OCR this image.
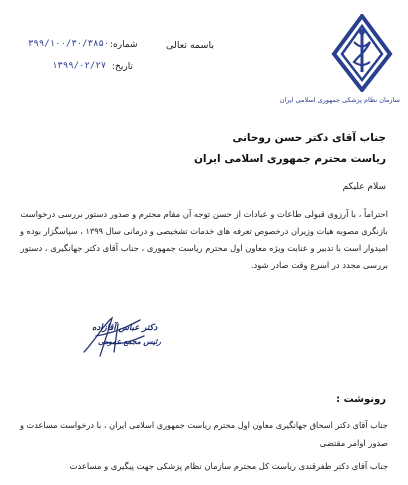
سازمان نظام پزشکی جمهوری اسلامی ایران
باسمه تعالی
شماره:
۳۹۹/۱۰۰/۳۰/۳۸۵۰
تاریخ:
۱۳۹۹/۰۲/۲۷
جناب آقای دکتر حسن روحانی
ریاست محترم جمهوری اسلامی ایران
سلام علیکم
احتراماً ، با آرزوی قبولی طاعات و عبادات از حسن توجه آن مقام محترم و صدور دستور بررسی درخواست
بازنگری مصوبه هیات وزیران درخصوص تعرفه های خدمات تشخیصی و درمانی سال ۱۳۹۹ ، سپاسگزار بوده و
امیدوار است با تدبیر و عنایت ویژه معاون اول محترم ریاست جمهوری ، جناب آقای دکتر جهانگیری ، دستور
بررسی مجدد در اسرع وقت صادر شود.
دکتر عباس آقازاده
رئیس مجمع عمومی
رونوشت :
جناب آقای دکتر اسحاق جهانگیری معاون اول محترم ریاست جمهوری اسلامی ایران ، با درخواست مساعدت و
صدور اوامر مقتضی
جناب آقای دکتر ظفرقندی ریاست کل محترم سازمان نظام پزشکی جهت پیگیری و مساعدت
